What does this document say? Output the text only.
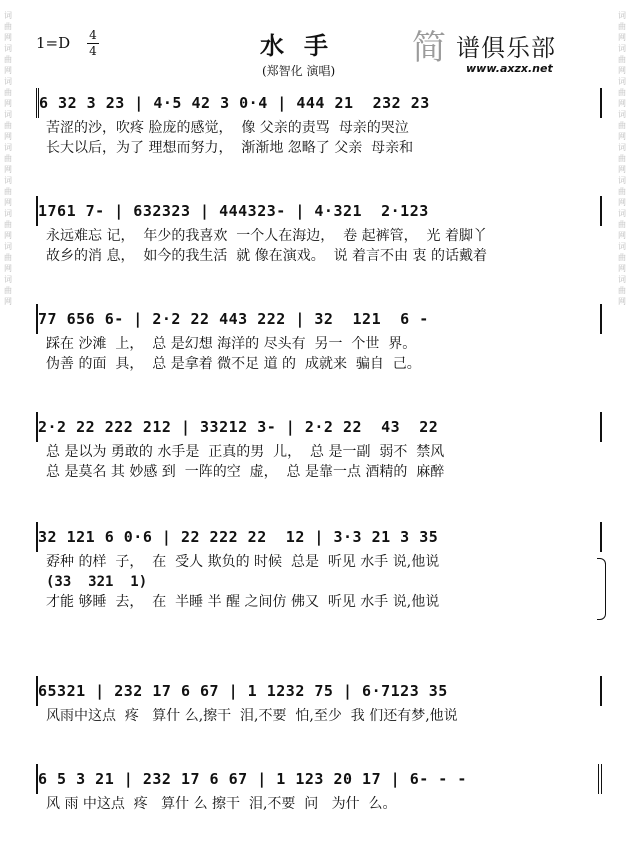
词
曲
网
词
曲
网
词
曲
网
词
曲
网
词
曲
网
词
曲
网
词
曲
网
词
曲
网
词
曲
网

词
曲
网
词
曲
网
词
曲
网
词
曲
网
词
曲
网
词
曲
网
词
曲
网
词
曲
网
词
曲
网

1=D 4
4	水手
(郑智化 演唱)
简 谱俱乐部
www.axzx.net
6 32 3 23 | 4·5 42 3 0·4 | 444 21  232 23
苦涩的沙，吹疼 脸庞的感觉，  像 父亲的责骂  母亲的哭泣
长大以后，为了 理想而努力，  渐渐地 忽略了 父亲  母亲和
1761 7- | 632323 | 444323- | 4·321  2·123
永远难忘 记，  年少的我喜欢  一个人在海边，  卷 起裤管，  光 着脚丫
故乡的消 息，  如今的我生活  就 像在演戏。  说 着言不由 衷 的话戴着
77 656 6- | 2·2 22 443 222 | 32  121  6 -
踩在 沙滩  上，  总 是幻想 海洋的 尽头有  另一  个世  界。
伪善 的面  具，  总 是拿着 微不足 道 的  成就来  骗自  己。
2·2 22 222 212 | 33212 3- | 2·2 22  43  22
总 是以为 勇敢的 水手是  正真的男  儿，  总 是一副  弱不  禁风
总 是莫名 其 妙感 到  一阵的空  虚，  总 是靠一点 酒精的  麻醉
32 121 6 0·6 | 22 222 22  12 | 3·3 21 3 35
孬种 的样  子，  在  受人 欺负的 时候  总是  听见 水手 说,他说
(33  321  1)
才能 够睡  去，  在  半睡 半 醒 之间仿 佛又  听见 水手 说,他说
65321 | 232 17 6 67 | 1 1232 75 | 6·7123 35
风雨中这点  疼   算什 么,擦干  泪,不要  怕,至少  我 们还有梦,他说
6 5 3 21 | 232 17 6 67 | 1 123 20 17 | 6- - -
风 雨 中这点  疼   算什 么 擦干  泪,不要  问   为什  么。
